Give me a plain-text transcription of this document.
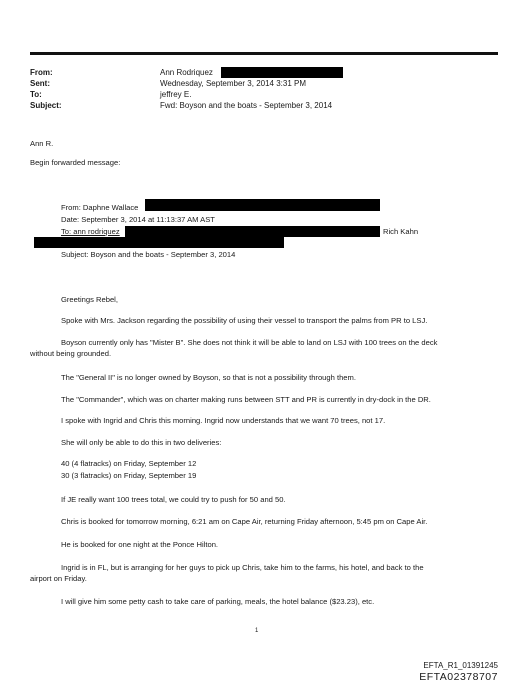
From:	Ann Rodriquez
Sent:	Wednesday, September 3, 2014 3:31 PM
To:	jeffrey E.
Subject:	Fwd: Boyson and the boats - September 3, 2014
Ann R.
Begin forwarded message:
From: Daphne Wallace
Date: September 3, 2014 at 11:13:37 AM AST
To: ann rodriquez	Rich Kahn
Subject: Boyson and the boats - September 3, 2014
Greetings Rebel,
Spoke with Mrs. Jackson regarding the possibility of using their vessel to transport the palms from PR to LSJ.
Boyson currently only has "Mister B". She does not think it will be able to land on LSJ with 100 trees on the deck
without being grounded.
The "General II" is no longer owned by Boyson, so that is not a possibility through them.
The "Commander", which was on charter making runs between STT and PR is currently in dry-dock in the DR.
I spoke with Ingrid and Chris this morning. Ingrid now understands that we want 70 trees, not 17.
She will only be able to do this in two deliveries:
40 (4 flatracks) on Friday, September 12
30 (3 flatracks) on Friday, September 19
If JE really want 100 trees total, we could try to push for 50 and 50.
Chris is booked for tomorrow morning, 6:21 am on Cape Air, returning Friday afternoon, 5:45 pm on Cape Air.
He is booked for one night at the Ponce Hilton.
Ingrid is in FL, but is arranging for her guys to pick up Chris, take him to the farms, his hotel, and back to the
airport on Friday.
I will give him some petty cash to take care of parking, meals, the hotel balance ($23.23), etc.
1
EFTA_R1_01391245
EFTA02378707
